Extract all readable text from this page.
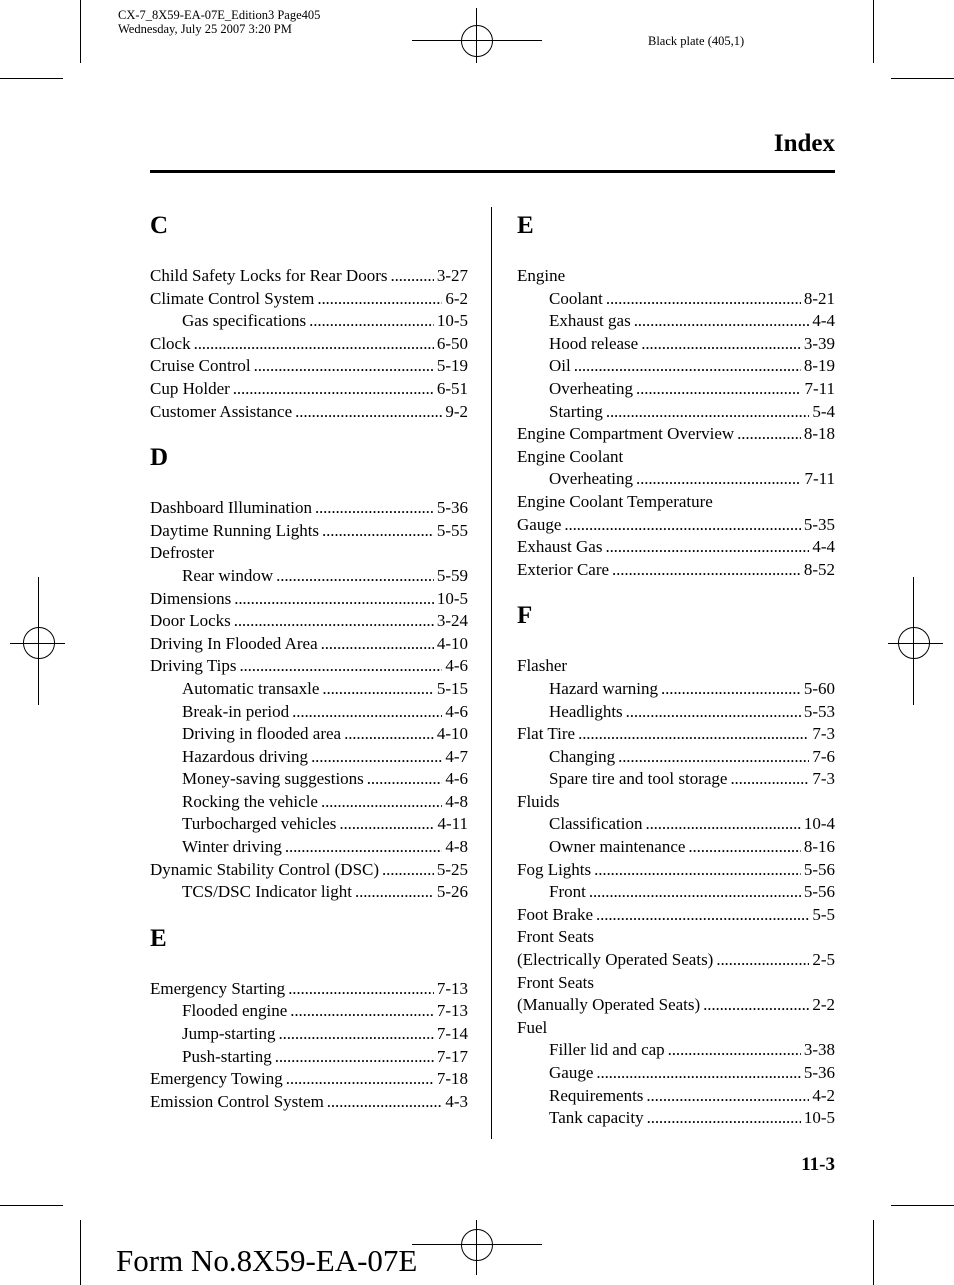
CX-7_8X59-EA-07E_Edition3 Page405
Wednesday, July 25 2007 3:20 PM
Black plate (405,1)
Index
C
Child Safety Locks for Rear Doors . . .	3-27
Climate Control System . . .	6-2
Gas specifications . . .	10-5
Clock . . .	6-50
Cruise Control . . .	5-19
Cup Holder . . .	6-51
Customer Assistance . . .	9-2
D
Dashboard Illumination . . .	5-36
Daytime Running Lights . . .	5-55
Defroster
Rear window . . .	5-59
Dimensions . . .	10-5
Door Locks . . .	3-24
Driving In Flooded Area . . .	4-10
Driving Tips . . .	4-6
Automatic transaxle . . .	5-15
Break-in period . . .	4-6
Driving in flooded area . . .	4-10
Hazardous driving . . .	4-7
Money-saving suggestions . . .	4-6
Rocking the vehicle . . .	4-8
Turbocharged vehicles . . .	4-11
Winter driving . . .	4-8
Dynamic Stability Control (DSC) . . .	5-25
TCS/DSC Indicator light . . .	5-26
E
Emergency Starting . . .	7-13
Flooded engine . . .	7-13
Jump-starting . . .	7-14
Push-starting . . .	7-17
Emergency Towing . . .	7-18
Emission Control System . . .	4-3
E
Engine
Coolant . . .	8-21
Exhaust gas . . .	4-4
Hood release . . .	3-39
Oil . . .	8-19
Overheating . . .	7-11
Starting . . .	5-4
Engine Compartment Overview . . .	8-18
Engine Coolant
Overheating . . .	7-11
Engine Coolant Temperature
Gauge . . .	5-35
Exhaust Gas . . .	4-4
Exterior Care . . .	8-52
F
Flasher
Hazard warning . . .	5-60
Headlights . . .	5-53
Flat Tire . . .	7-3
Changing . . .	7-6
Spare tire and tool storage . . .	7-3
Fluids
Classification . . .	10-4
Owner maintenance . . .	8-16
Fog Lights . . .	5-56
Front . . .	5-56
Foot Brake . . .	5-5
Front Seats
(Electrically Operated Seats) . . .	2-5
Front Seats
(Manually Operated Seats) . . .	2-2
Fuel
Filler lid and cap . . .	3-38
Gauge . . .	5-36
Requirements . . .	4-2
Tank capacity . . .	10-5
11-3
Form No.8X59-EA-07E
